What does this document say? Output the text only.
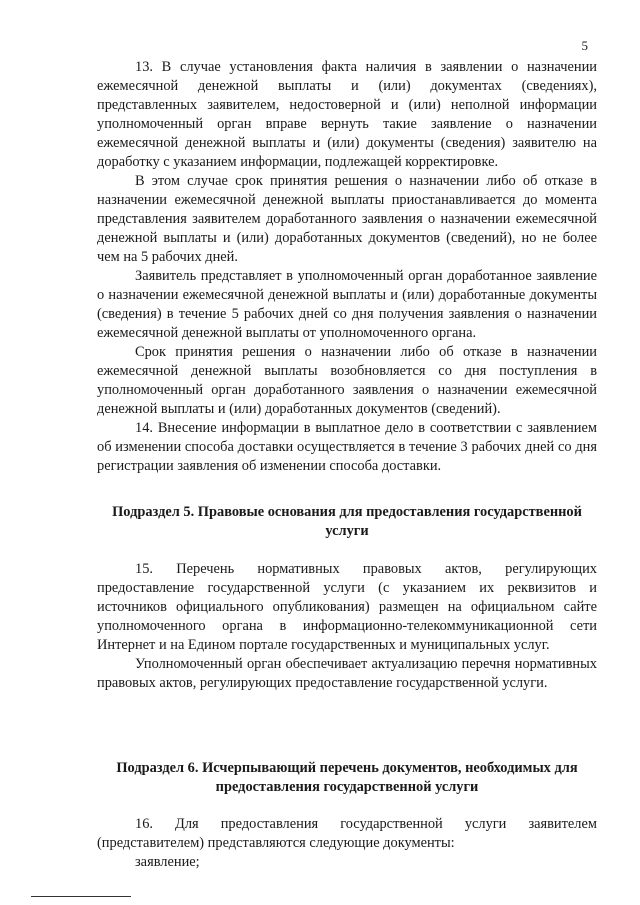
5

13. В случае установления факта наличия в заявлении о назначении ежемесячной денежной выплаты и (или) документах (сведениях), представленных заявителем, недостоверной и (или) неполной информации уполномоченный орган вправе вернуть такие заявление о назначении ежемесячной денежной выплаты и (или) документы (сведения) заявителю на доработку с указанием информации, подлежащей корректировке.

В этом случае срок принятия решения о назначении либо об отказе в назначении ежемесячной денежной выплаты приостанавливается до момента представления заявителем доработанного заявления о назначении ежемесячной денежной выплаты и (или) доработанных документов (сведений), но не более чем на 5 рабочих дней.

Заявитель представляет в уполномоченный орган доработанное заявление о назначении ежемесячной денежной выплаты и (или) доработанные документы (сведения) в течение 5 рабочих дней со дня получения заявления о назначении ежемесячной денежной выплаты от уполномоченного органа.

Срок принятия решения о назначении либо об отказе в назначении ежемесячной денежной выплаты возобновляется со дня поступления в уполномоченный орган доработанного заявления о назначении ежемесячной денежной выплаты и (или) доработанных документов (сведений).

14. Внесение информации в выплатное дело в соответствии с заявлением об изменении способа доставки осуществляется в течение 3 рабочих дней со дня регистрации заявления об изменении способа доставки.

Подраздел 5. Правовые основания для предоставления государственной услуги

15. Перечень нормативных правовых актов, регулирующих предоставление государственной услуги (с указанием их реквизитов и источников официального опубликования) размещен на официальном сайте уполномоченного органа в информационно-телекоммуникационной сети Интернет и на Едином портале государственных и муниципальных услуг.

Уполномоченный орган обеспечивает актуализацию перечня нормативных правовых актов, регулирующих предоставление государственной услуги.

Подраздел 6. Исчерпывающий перечень документов, необходимых для предоставления государственной услуги

16. Для предоставления государственной услуги заявителем (представителем) представляются следующие документы:

заявление;
